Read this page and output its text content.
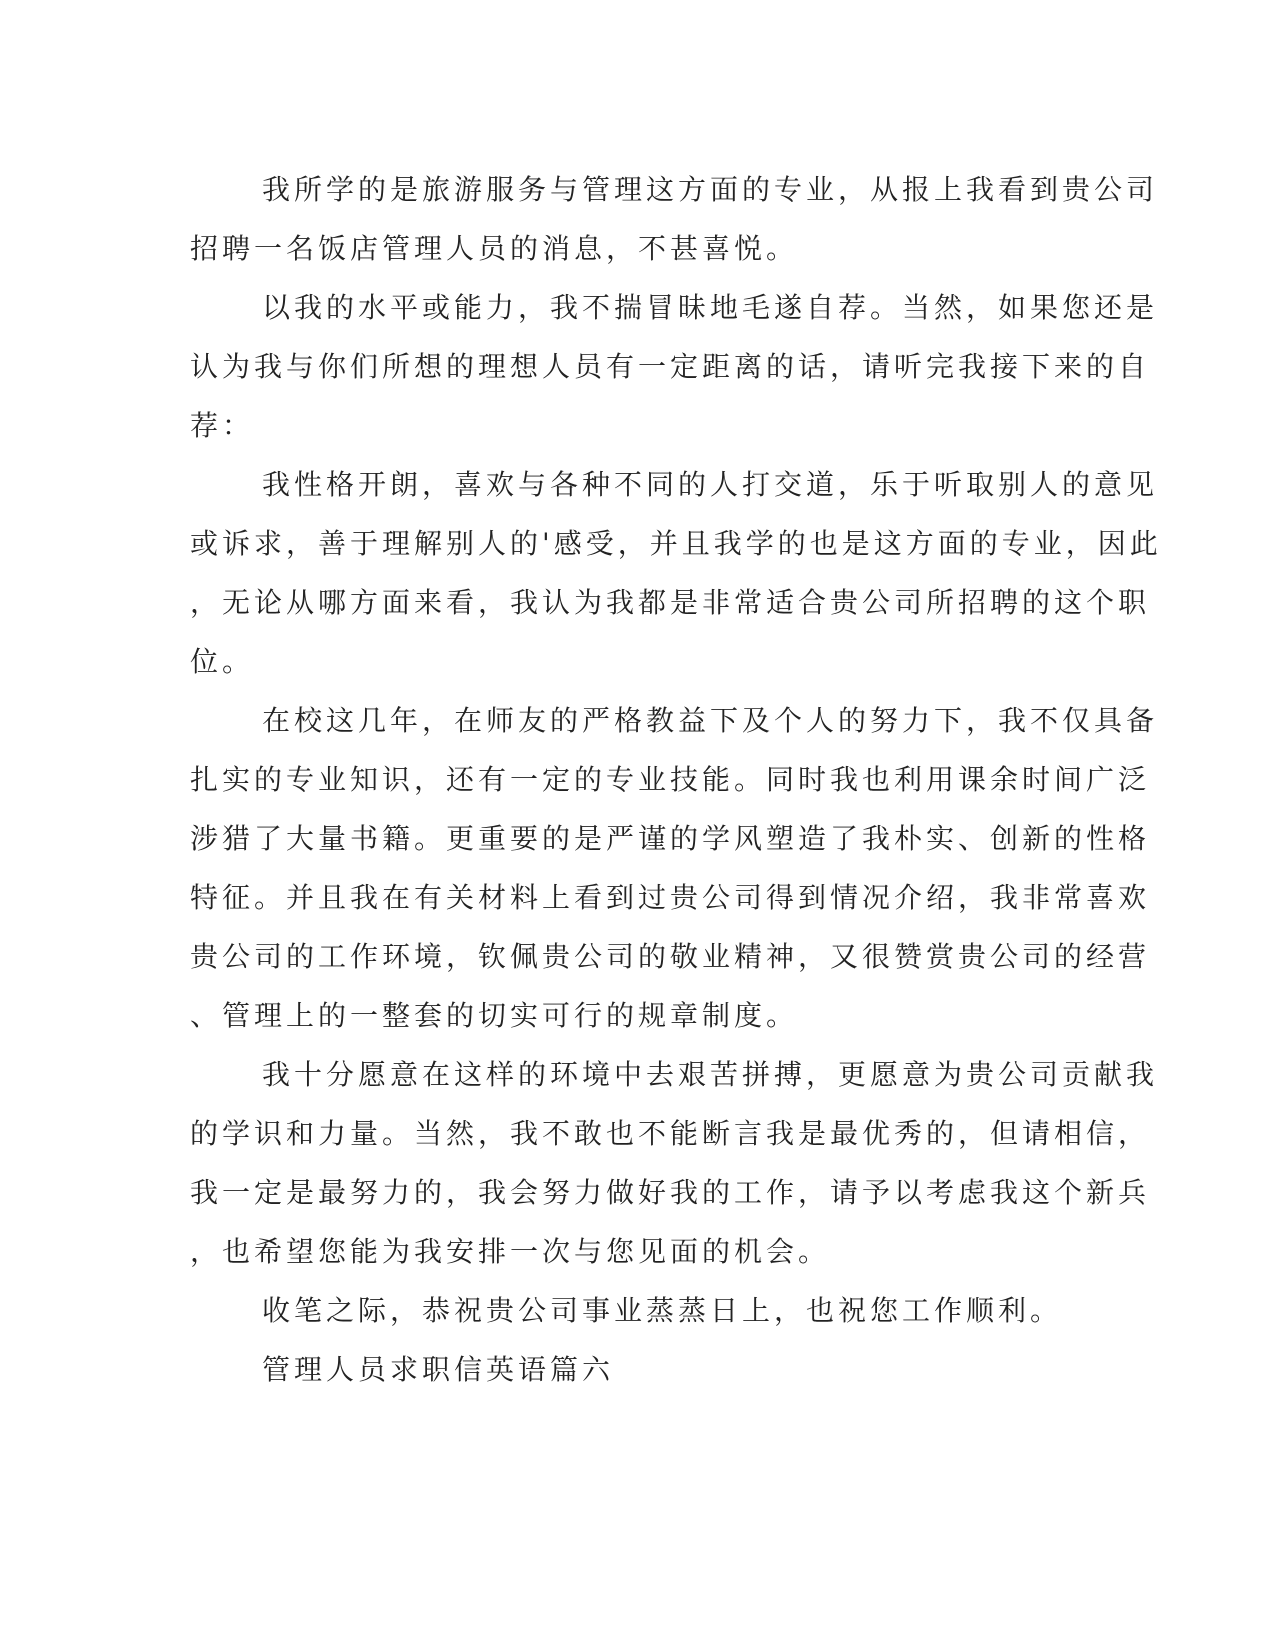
我所学的是旅游服务与管理这方面的专业，从报上我看到贵公司
招聘一名饭店管理人员的消息，不甚喜悦。
以我的水平或能力，我不揣冒昧地毛遂自荐。当然，如果您还是
认为我与你们所想的理想人员有一定距离的话，请听完我接下来的自
荐：
我性格开朗，喜欢与各种不同的人打交道，乐于听取别人的意见
或诉求，善于理解别人的'感受，并且我学的也是这方面的专业，因此
，无论从哪方面来看，我认为我都是非常适合贵公司所招聘的这个职
位。
在校这几年，在师友的严格教益下及个人的努力下，我不仅具备
扎实的专业知识，还有一定的专业技能。同时我也利用课余时间广泛
涉猎了大量书籍。更重要的是严谨的学风塑造了我朴实、创新的性格
特征。并且我在有关材料上看到过贵公司得到情况介绍，我非常喜欢
贵公司的工作环境，钦佩贵公司的敬业精神，又很赞赏贵公司的经营
、管理上的一整套的切实可行的规章制度。
我十分愿意在这样的环境中去艰苦拼搏，更愿意为贵公司贡献我
的学识和力量。当然，我不敢也不能断言我是最优秀的，但请相信，
我一定是最努力的，我会努力做好我的工作，请予以考虑我这个新兵
，也希望您能为我安排一次与您见面的机会。
收笔之际，恭祝贵公司事业蒸蒸日上，也祝您工作顺利。
管理人员求职信英语篇六
